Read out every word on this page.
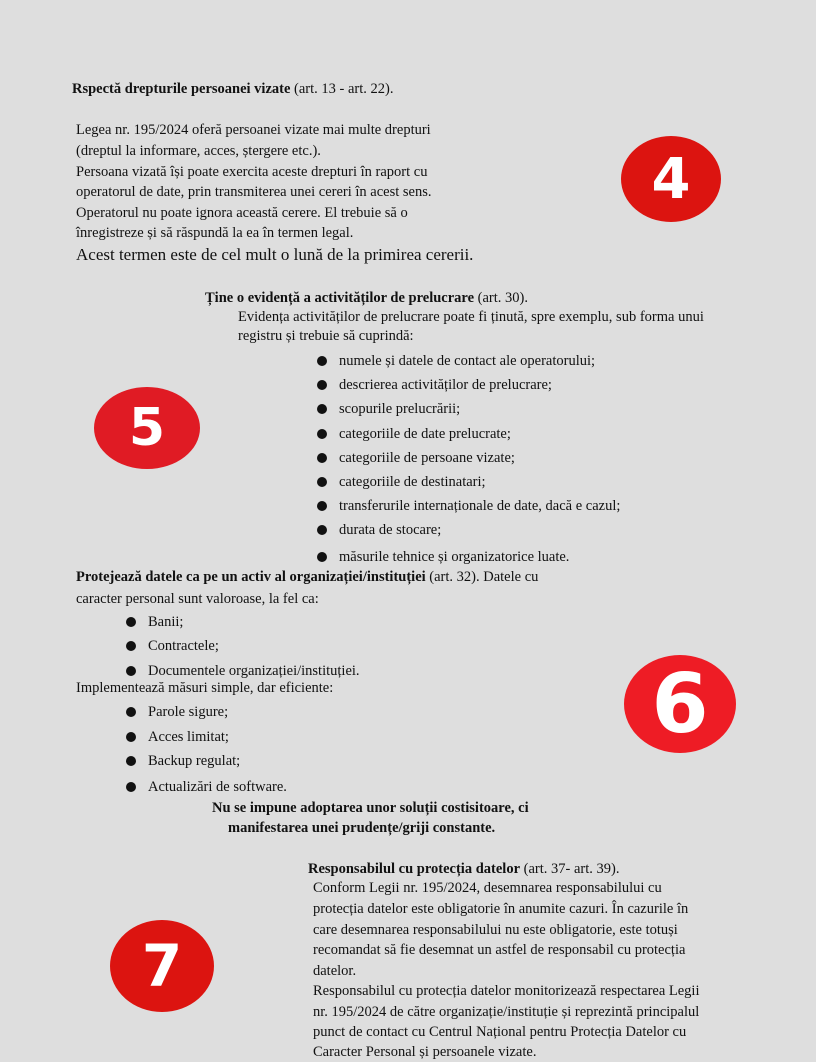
Rspectă drepturile persoanei vizate (art. 13 - art. 22).
Legea nr. 195/2024 oferă persoanei vizate mai multe drepturi
(dreptul la informare, acces, ștergere etc.).
Persoana vizată își poate exercita aceste drepturi în raport cu
operatorul de date, prin transmiterea unei cereri în acest sens.
Operatorul nu poate ignora această cerere. El trebuie să o
înregistreze și să răspundă la ea în termen legal.
Acest termen este de cel mult o lună de la primirea cererii.
4
Ține o evidență a activităților de prelucrare (art. 30).
Evidența activităților de prelucrare poate fi ținută, spre exemplu, sub forma unui
registru și trebuie să cuprindă:
numele și datele de contact ale operatorului;
descrierea activităților de prelucrare;
scopurile prelucrării;
categoriile de date prelucrate;
categoriile de persoane vizate;
categoriile de destinatari;
transferurile internaționale de date, dacă e cazul;
durata de stocare;
măsurile tehnice și organizatorice luate.
5
Protejează datele ca pe un activ al organizației/instituției (art. 32). Datele cu
caracter personal sunt valoroase, la fel ca:
Banii;
Contractele;
Documentele organizației/instituției.
Implementează măsuri simple, dar eficiente:
Parole sigure;
Acces limitat;
Backup regulat;
Actualizări de software.
Nu se impune adoptarea unor soluții costisitoare, ci
manifestarea unei prudențe/griji constante.
6
Responsabilul cu protecția datelor (art. 37- art. 39).
Conform Legii nr. 195/2024, desemnarea responsabilului cu
protecția datelor este obligatorie în anumite cazuri. În cazurile în
care desemnarea responsabilului nu este obligatorie, este totuși
recomandat să fie desemnat un astfel de responsabil cu protecția
datelor.
Responsabilul cu protecția datelor monitorizează respectarea Legii
nr. 195/2024 de către organizație/instituție și reprezintă principalul
punct de contact cu Centrul Național pentru Protecția Datelor cu
Caracter Personal și persoanele vizate.
7
